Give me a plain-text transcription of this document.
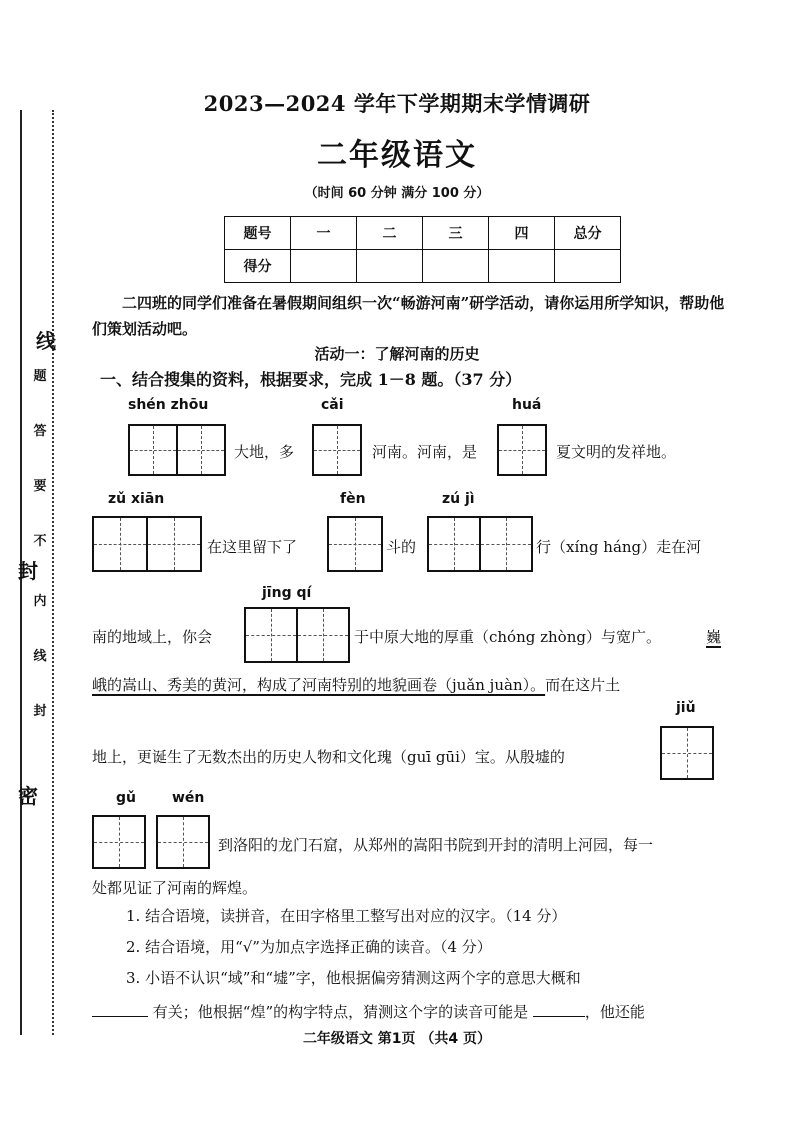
线
题
答
要
不
封
内
线
封
密
2023—2024 学年下学期期末学情调研
二年级语文
（时间 60 分钟 满分 100 分）
题号	一	二	三	四	总分
得分					
二四班的同学们准备在暑假期间组织一次“畅游河南”研学活动，请你运用所学知识，帮助他们策划活动吧。
活动一：了解河南的历史
一、结合搜集的资料，根据要求，完成 1－8 题。（37 分）
shén zhōu	cǎi	huá
大地，多	河南。河南，是	夏文明的发祥地。
zǔ xiān	fèn	zú jì
在这里留下了	斗的	行（xíng háng）走在河
jīng qí
南的地域上，你会	于中原大地的厚重（chóng zhòng）与宽广。	巍
峨的嵩山、秀美的黄河，构成了河南特别的地貌画卷（juǎn juàn）。而在这片土
jiǔ
地上，更诞生了无数杰出的历史人物和文化瑰（guī gūi）宝。从殷墟的
gǔ	wén
到洛阳的龙门石窟，从郑州的嵩阳书院到开封的清明上河园，每一
处都见证了河南的辉煌。
1. 结合语境，读拼音，在田字格里工整写出对应的汉字。（14 分）
2. 结合语境，用“√”为加点字选择正确的读音。（4 分）
3. 小语不认识“域”和“墟”字，他根据偏旁猜测这两个字的意思大概和
有关；他根据“煌”的构字特点，猜测这个字的读音可能是	，他还能
二年级语文 第1页 （共4 页）
